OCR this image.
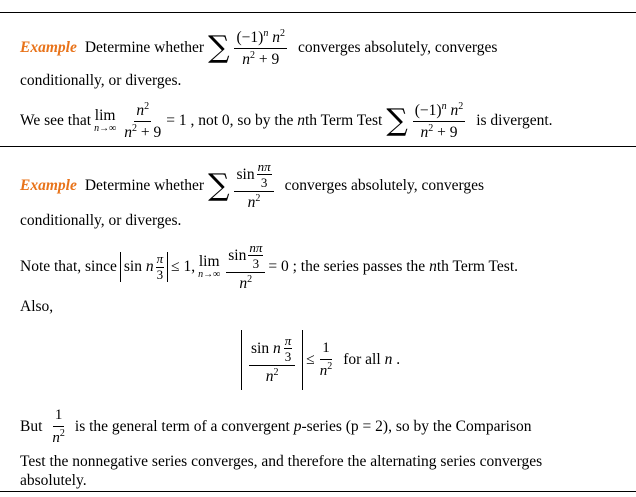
Example Determine whether ∑ $\frac{(-1)^n n^2}{n^2 + 9}$ converges absolutely, converges
conditionally, or diverges.
We see that lim
$n\to\infty \frac{n^2}{n^2 + 9} = 1$ , not 0, so by the
n th Term Test ∑ $\frac{(-1)^n n^2}{n^2 + 9}$ is divergent.
Example Determine whether ∑ $\frac{\sin \frac{n\pi}{3}}{n^2}$ converges absolutely, converges
conditionally, or diverges.
Note that, since sin
n $\frac{\pi}{3} \le 1$, lim
$n\to\infty \frac{\sin \frac{n\pi}{3}}{n^2} = 0$ ; the series passes the
n th Term Test.
Also,
sin
n $\frac{\pi}{3}$
$n^2 \le \frac{1}{n^2}$ for all
n
.
But $\frac{1}{n^2}$ is the general term of a convergent
p -series
(p = 2) , so by the Comparison
Test the nonnegative series converges, and therefore the alternating series converges
absolutely.
